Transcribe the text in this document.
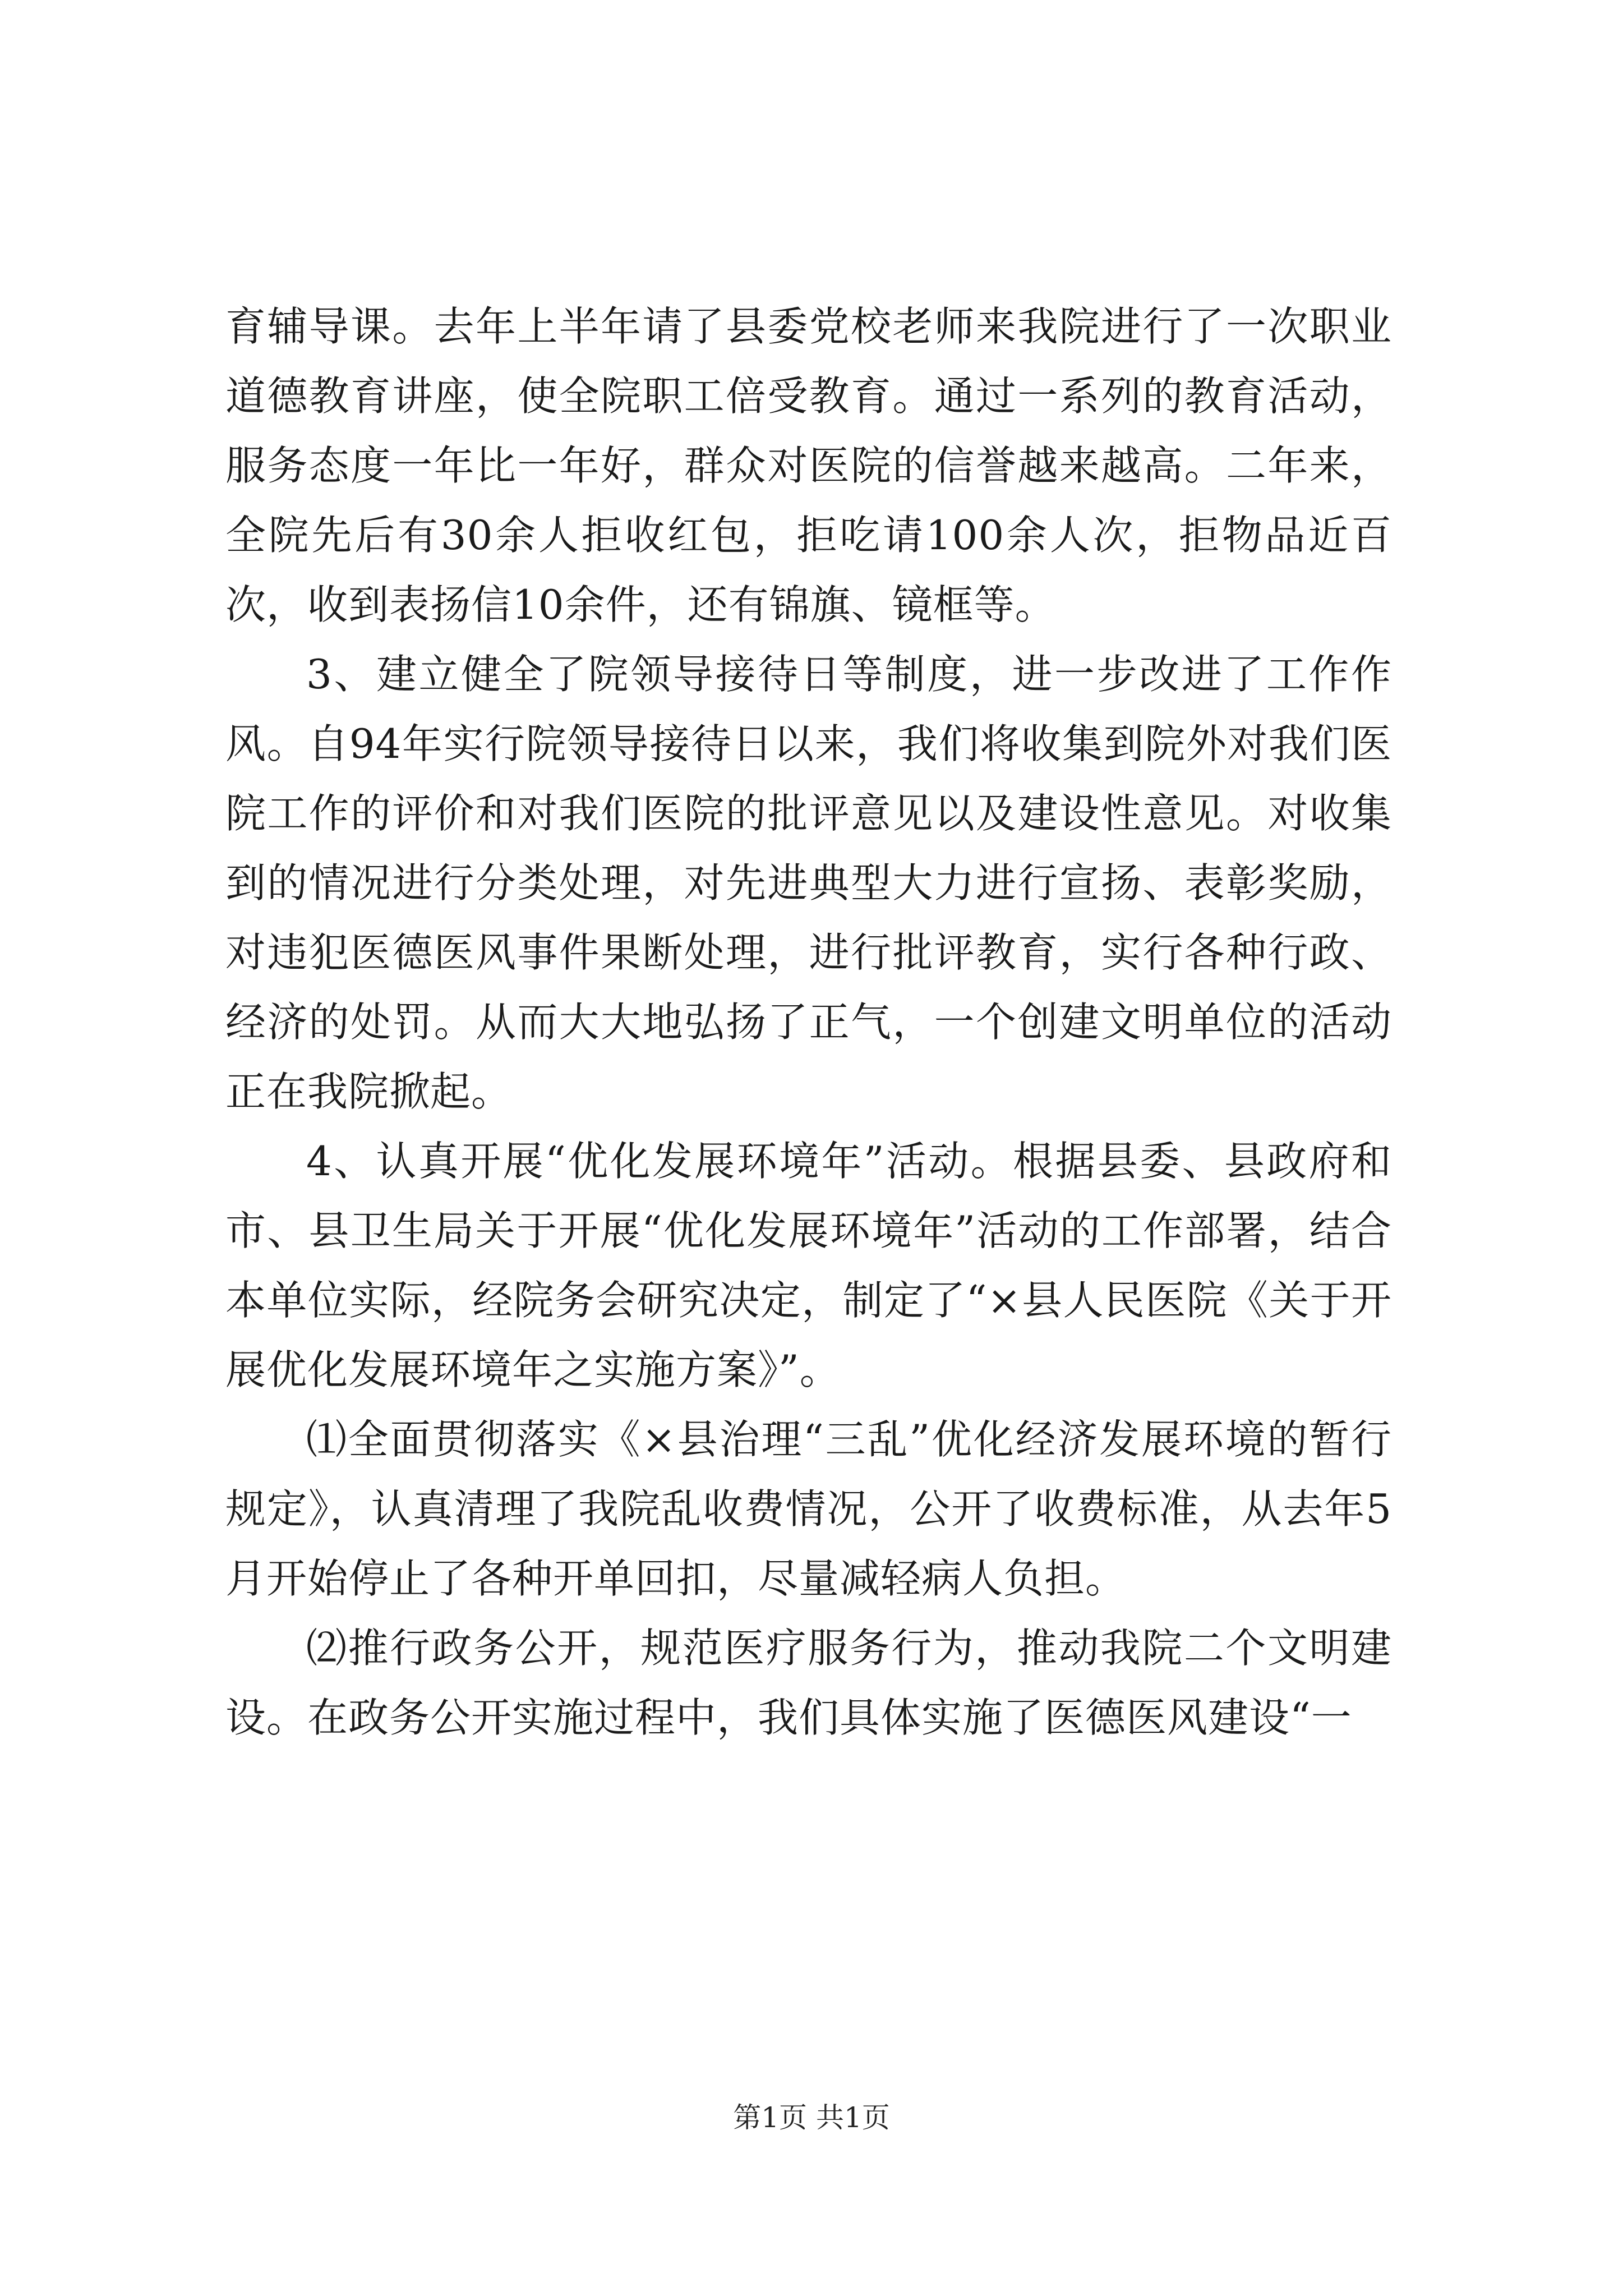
育辅导课。去年上半年请了县委党校老师来我院进行了一次职业道德教育讲座，使全院职工倍受教育。通过一系列的教育活动，服务态度一年比一年好，群众对医院的信誉越来越高。二年来，全院先后有30余人拒收红包，拒吃请100余人次，拒物品近百次，收到表扬信10余件，还有锦旗、镜框等。

3、建立健全了院领导接待日等制度，进一步改进了工作作风。自94年实行院领导接待日以来，我们将收集到院外对我们医院工作的评价和对我们医院的批评意见以及建设性意见。对收集到的情况进行分类处理，对先进典型大力进行宣扬、表彰奖励，对违犯医德医风事件果断处理，进行批评教育，实行各种行政、经济的处罚。从而大大地弘扬了正气，一个创建文明单位的活动正在我院掀起。

4、认真开展“优化发展环境年”活动。根据县委、县政府和市、县卫生局关于开展“优化发展环境年”活动的工作部署，结合本单位实际，经院务会研究决定，制定了“×县人民医院《关于开展优化发展环境年之实施方案》”。

⑴全面贯彻落实《×县治理“三乱”优化经济发展环境的暂行规定》，认真清理了我院乱收费情况，公开了收费标准，从去年5月开始停止了各种开单回扣，尽量减轻病人负担。

⑵推行政务公开，规范医疗服务行为，推动我院二个文明建设。在政务公开实施过程中，我们具体实施了医德医风建设“一

第1页 共1页
